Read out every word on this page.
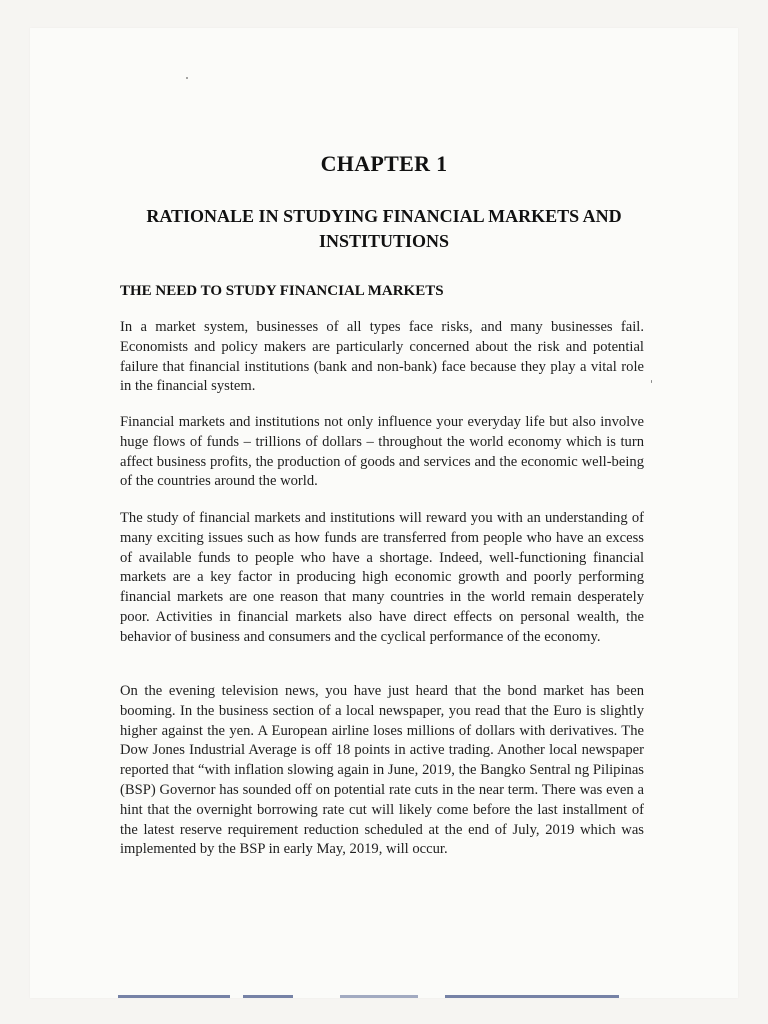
CHAPTER 1
RATIONALE IN STUDYING FINANCIAL MARKETS AND INSTITUTIONS
THE NEED TO STUDY FINANCIAL MARKETS

In a market system, businesses of all types face risks, and many businesses fail. Economists and policy makers are particularly concerned about the risk and potential failure that financial institutions (bank and non-bank) face because they play a vital role in the financial system.

Financial markets and institutions not only influence your everyday life but also involve huge flows of funds – trillions of dollars – throughout the world economy which is turn affect business profits, the production of goods and services and the economic well-being of the countries around the world.

The study of financial markets and institutions will reward you with an understanding of many exciting issues such as how funds are transferred from people who have an excess of available funds to people who have a shortage. Indeed, well-functioning financial markets are a key factor in producing high economic growth and poorly performing financial markets are one reason that many countries in the world remain desperately poor. Activities in financial markets also have direct effects on personal wealth, the behavior of business and consumers and the cyclical performance of the economy.

On the evening television news, you have just heard that the bond market has been booming. In the business section of a local newspaper, you read that the Euro is slightly higher against the yen. A European airline loses millions of dollars with derivatives. The Dow Jones Industrial Average is off 18 points in active trading. Another local newspaper reported that “with inflation slowing again in June, 2019, the Bangko Sentral ng Pilipinas (BSP) Governor has sounded off on potential rate cuts in the near term. There was even a hint that the overnight borrowing rate cut will likely come before the last installment of the latest reserve requirement reduction scheduled at the end of July, 2019 which was implemented by the BSP in early May, 2019, will occur.
